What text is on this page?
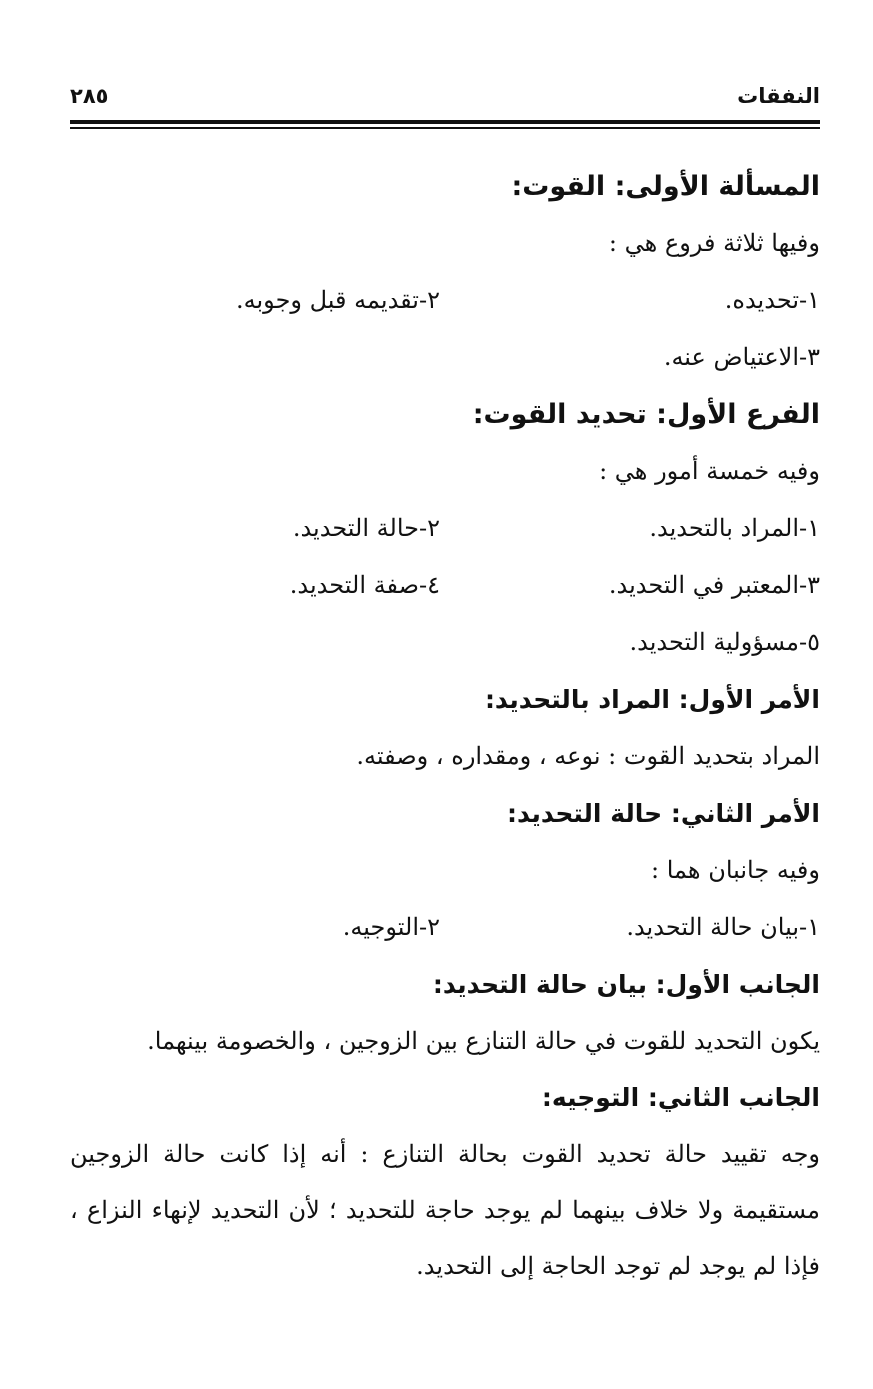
النفقات
٢٨٥
المسألة الأولى: القوت:
وفيها ثلاثة فروع هي :
١-تحديده.
٢-تقديمه قبل وجوبه.
٣-الاعتياض عنه.
الفرع الأول: تحديد القوت:
وفيه خمسة أمور هي :
١-المراد بالتحديد.
٢-حالة التحديد.
٣-المعتبر في التحديد.
٤-صفة التحديد.
٥-مسؤولية التحديد.
الأمر الأول: المراد بالتحديد:
المراد بتحديد القوت : نوعه ، ومقداره ، وصفته.
الأمر الثاني: حالة التحديد:
وفيه جانبان هما :
١-بيان حالة التحديد.
٢-التوجيه.
الجانب الأول: بيان حالة التحديد:
يكون التحديد للقوت في حالة التنازع بين الزوجين ، والخصومة بينهما.
الجانب الثاني: التوجيه:
وجه تقييد حالة تحديد القوت بحالة التنازع : أنه إذا كانت حالة الزوجين مستقيمة ولا خلاف بينهما لم يوجد حاجة للتحديد ؛ لأن التحديد لإنهاء النزاع ، فإذا لم يوجد لم توجد الحاجة إلى التحديد.
